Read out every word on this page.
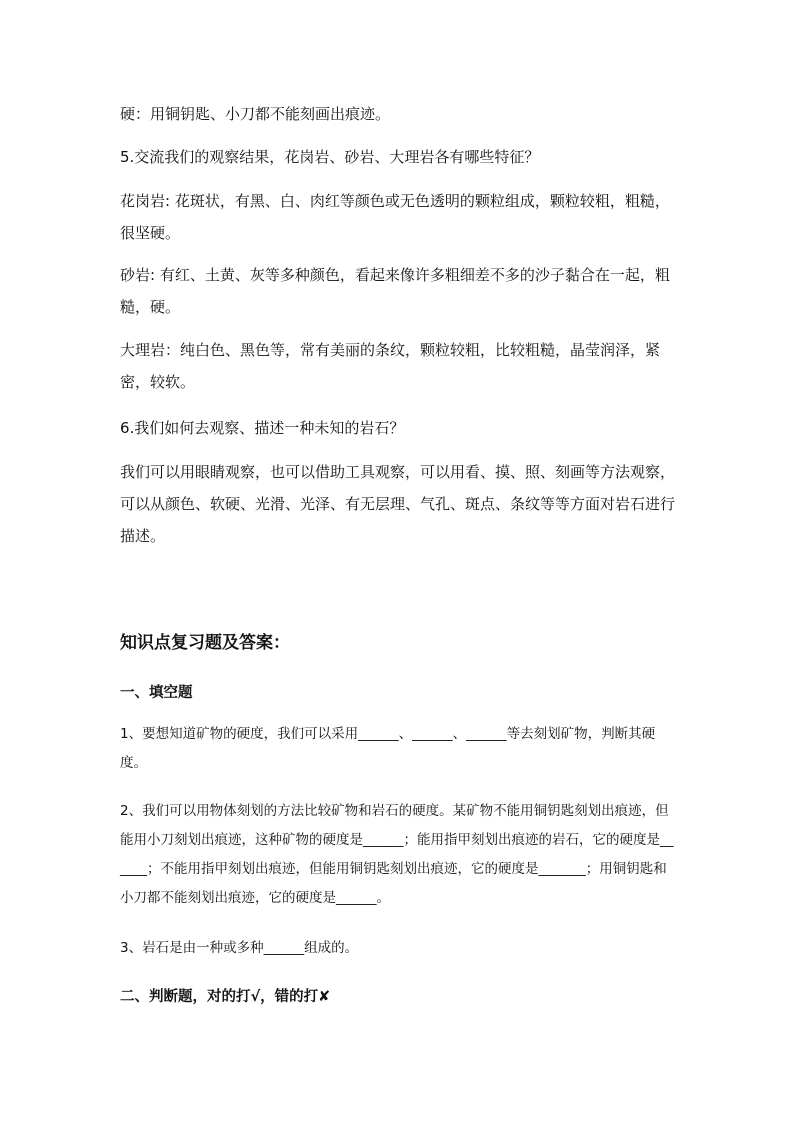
硬：用铜钥匙、小刀都不能刻画出痕迹。

5.交流我们的观察结果，花岗岩、砂岩、大理岩各有哪些特征？

花岗岩: 花斑状，有黑、白、肉红等颜色或无色透明的颗粒组成，颗粒较粗，粗糙，很坚硬。

砂岩: 有红、土黄、灰等多种颜色，看起来像许多粗细差不多的沙子黏合在一起，粗糙，硬。

大理岩：纯白色、黑色等，常有美丽的条纹，颗粒较粗，比较粗糙，晶莹润泽，紧密，较软。

6.我们如何去观察、描述一种未知的岩石？

我们可以用眼睛观察，也可以借助工具观察，可以用看、摸、照、刻画等方法观察，可以从颜色、软硬、光滑、光泽、有无层理、气孔、斑点、条纹等等方面对岩石进行描述。

知识点复习题及答案：
一、填空题

1、要想知道矿物的硬度，我们可以采用______、______、______等去刻划矿物，判断其硬度。

2、我们可以用物体刻划的方法比较矿物和岩石的硬度。某矿物不能用铜钥匙刻划出痕迹，但能用小刀刻划出痕迹，这种矿物的硬度是______；能用指甲刻划出痕迹的岩石，它的硬度是______；不能用指甲刻划出痕迹，但能用铜钥匙刻划出痕迹，它的硬度是_______；用铜钥匙和小刀都不能刻划出痕迹，它的硬度是______。

3、岩石是由一种或多种______组成的。

二、判断题，对的打√，错的打✘
